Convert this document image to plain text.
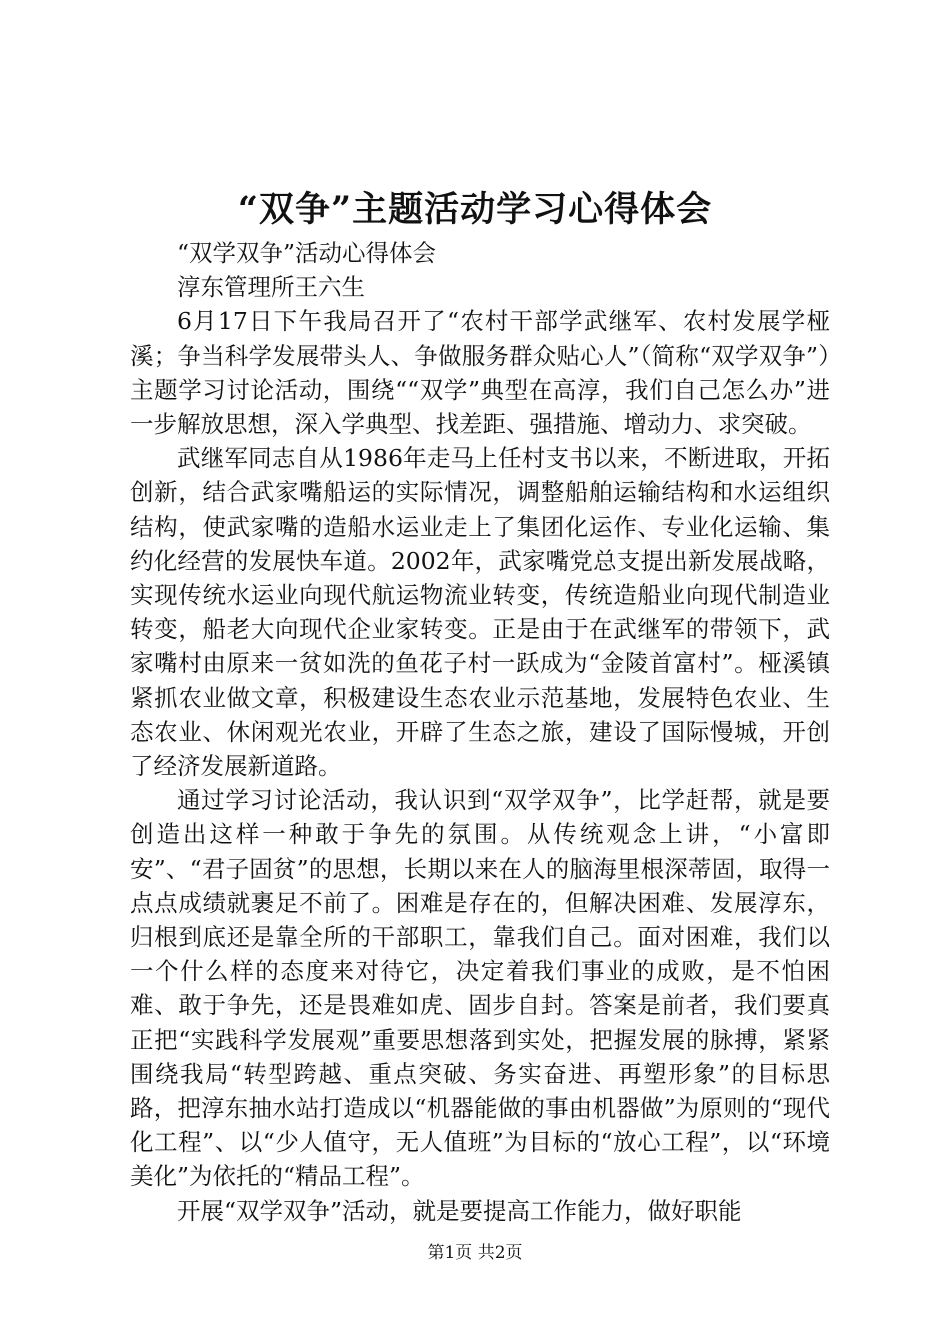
“双争”主题活动学习心得体会

“双学双争”活动心得体会

淳东管理所王六生

6月17日下午我局召开了“农村干部学武继军、农村发展学桠溪；争当科学发展带头人、争做服务群众贴心人”（简称“双学双争”）主题学习讨论活动，围绕““双学”典型在高淳，我们自己怎么办”进一步解放思想，深入学典型、找差距、强措施、增动力、求突破。

武继军同志自从1986年走马上任村支书以来，不断进取，开拓创新，结合武家嘴船运的实际情况，调整船舶运输结构和水运组织结构，使武家嘴的造船水运业走上了集团化运作、专业化运输、集约化经营的发展快车道。2002年，武家嘴党总支提出新发展战略，实现传统水运业向现代航运物流业转变，传统造船业向现代制造业转变，船老大向现代企业家转变。正是由于在武继军的带领下，武家嘴村由原来一贫如洗的鱼花子村一跃成为“金陵首富村”。桠溪镇紧抓农业做文章，积极建设生态农业示范基地，发展特色农业、生态农业、休闲观光农业，开辟了生态之旅，建设了国际慢城，开创了经济发展新道路。

通过学习讨论活动，我认识到“双学双争”，比学赶帮，就是要创造出这样一种敢于争先的氛围。从传统观念上讲，“小富即安”、“君子固贫”的思想，长期以来在人的脑海里根深蒂固，取得一点点成绩就裹足不前了。困难是存在的，但解决困难、发展淳东，归根到底还是靠全所的干部职工，靠我们自己。面对困难，我们以一个什么样的态度来对待它，决定着我们事业的成败，是不怕困难、敢于争先，还是畏难如虎、固步自封。答案是前者，我们要真正把“实践科学发展观”重要思想落到实处，把握发展的脉搏，紧紧围绕我局“转型跨越、重点突破、务实奋进、再塑形象”的目标思路，把淳东抽水站打造成以“机器能做的事由机器做”为原则的“现代化工程”、以“少人值守，无人值班”为目标的“放心工程”，以“环境美化”为依托的“精品工程”。

开展“双学双争”活动，就是要提高工作能力，做好职能

第1页 共2页
